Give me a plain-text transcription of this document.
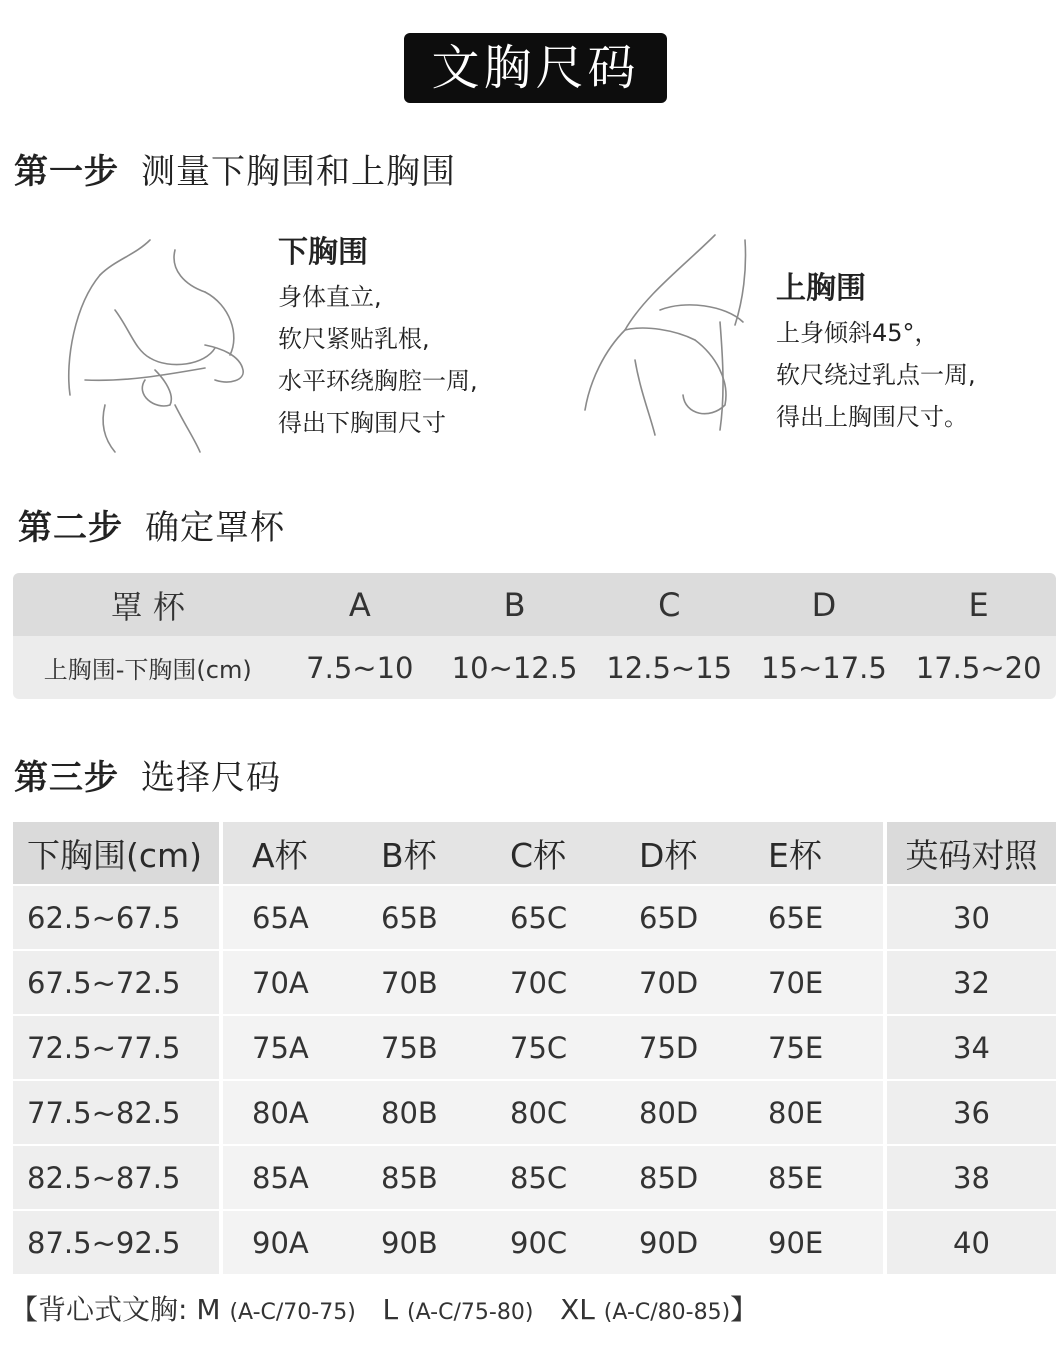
文胸尺码
第一步 测量下胸围和上胸围
下胸围
身体直立,
软尺紧贴乳根,
水平环绕胸腔一周,
得出下胸围尺寸
上胸围
上身倾斜45°，
软尺绕过乳点一周,
得出上胸围尺寸。
第二步 确定罩杯
罩 杯	A	B	C	D	E
上胸围-下胸围(cm)	7.5~10	10~12.5 12.5~15 15~17.5 17.5~20
第三步 选择尺码
下胸围(cm)	A杯	B杯	C杯	D杯	E杯	英码对照
62.5~67.5	65A	65B	65C	65D	65E	30
67.5~72.5	70A	70B	70C	70D	70E	32
72.5~77.5	75A	75B	75C	75D	75E	34
77.5~82.5	80A	80B	80C	80D	80E	36
82.5~87.5	85A	85B	85C	85D	85E	38
87.5~92.5	90A	90B	90C	90D	90E	40
【背心式文胸: M (A-C/70-75) L (A-C/75-80) XL (A-C/80-85)】
